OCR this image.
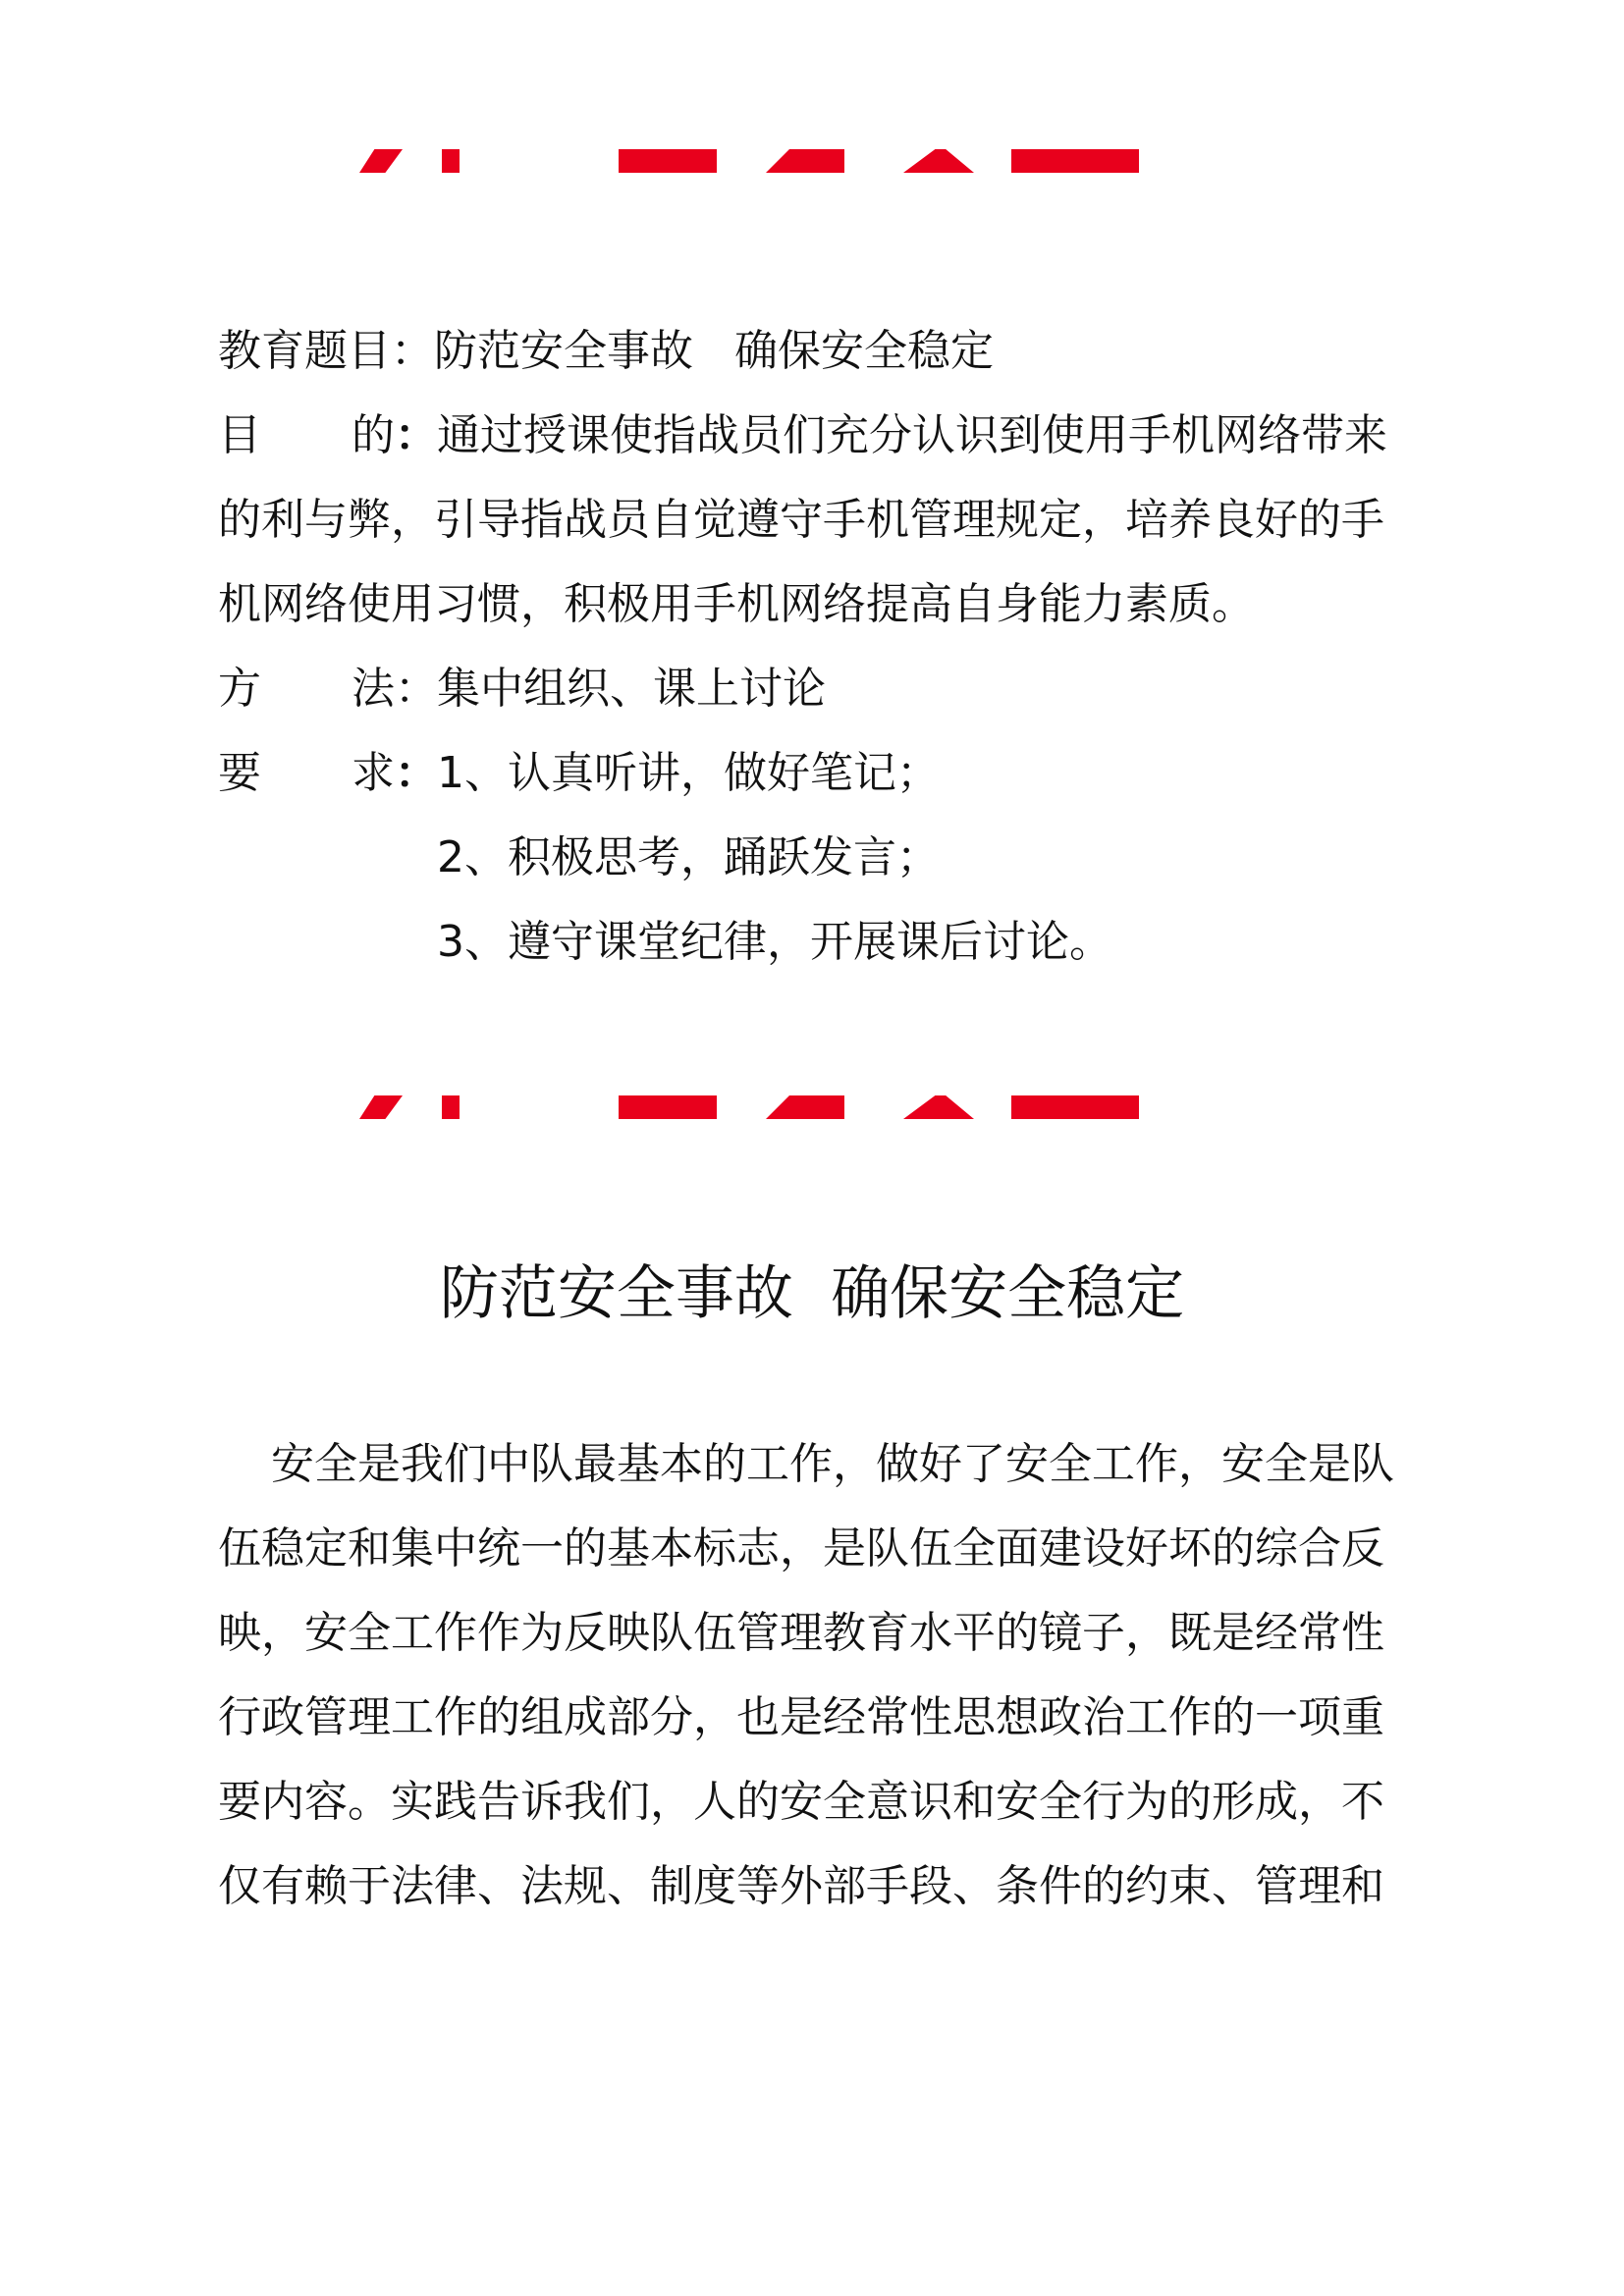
教育题目：防范安全事故   确保安全稳定
目 的：通过授课使指战员们充分认识到使用手机网络带来
的利与弊，引导指战员自觉遵守手机管理规定，培养良好的手
机网络使用习惯，积极用手机网络提高自身能力素质。
方 法：集中组织、课上讨论
要 求：1、认真听讲，做好笔记；
2、积极思考，踊跃发言；
3、遵守课堂纪律，开展课后讨论。
防范安全事故  确保安全稳定
安全是我们中队最基本的工作，做好了安全工作，安全是队
伍稳定和集中统一的基本标志，是队伍全面建设好坏的综合反
映，安全工作作为反映队伍管理教育水平的镜子，既是经常性
行政管理工作的组成部分，也是经常性思想政治工作的一项重
要内容。实践告诉我们，人的安全意识和安全行为的形成，不
仅有赖于法律、法规、制度等外部手段、条件的约束、管理和
